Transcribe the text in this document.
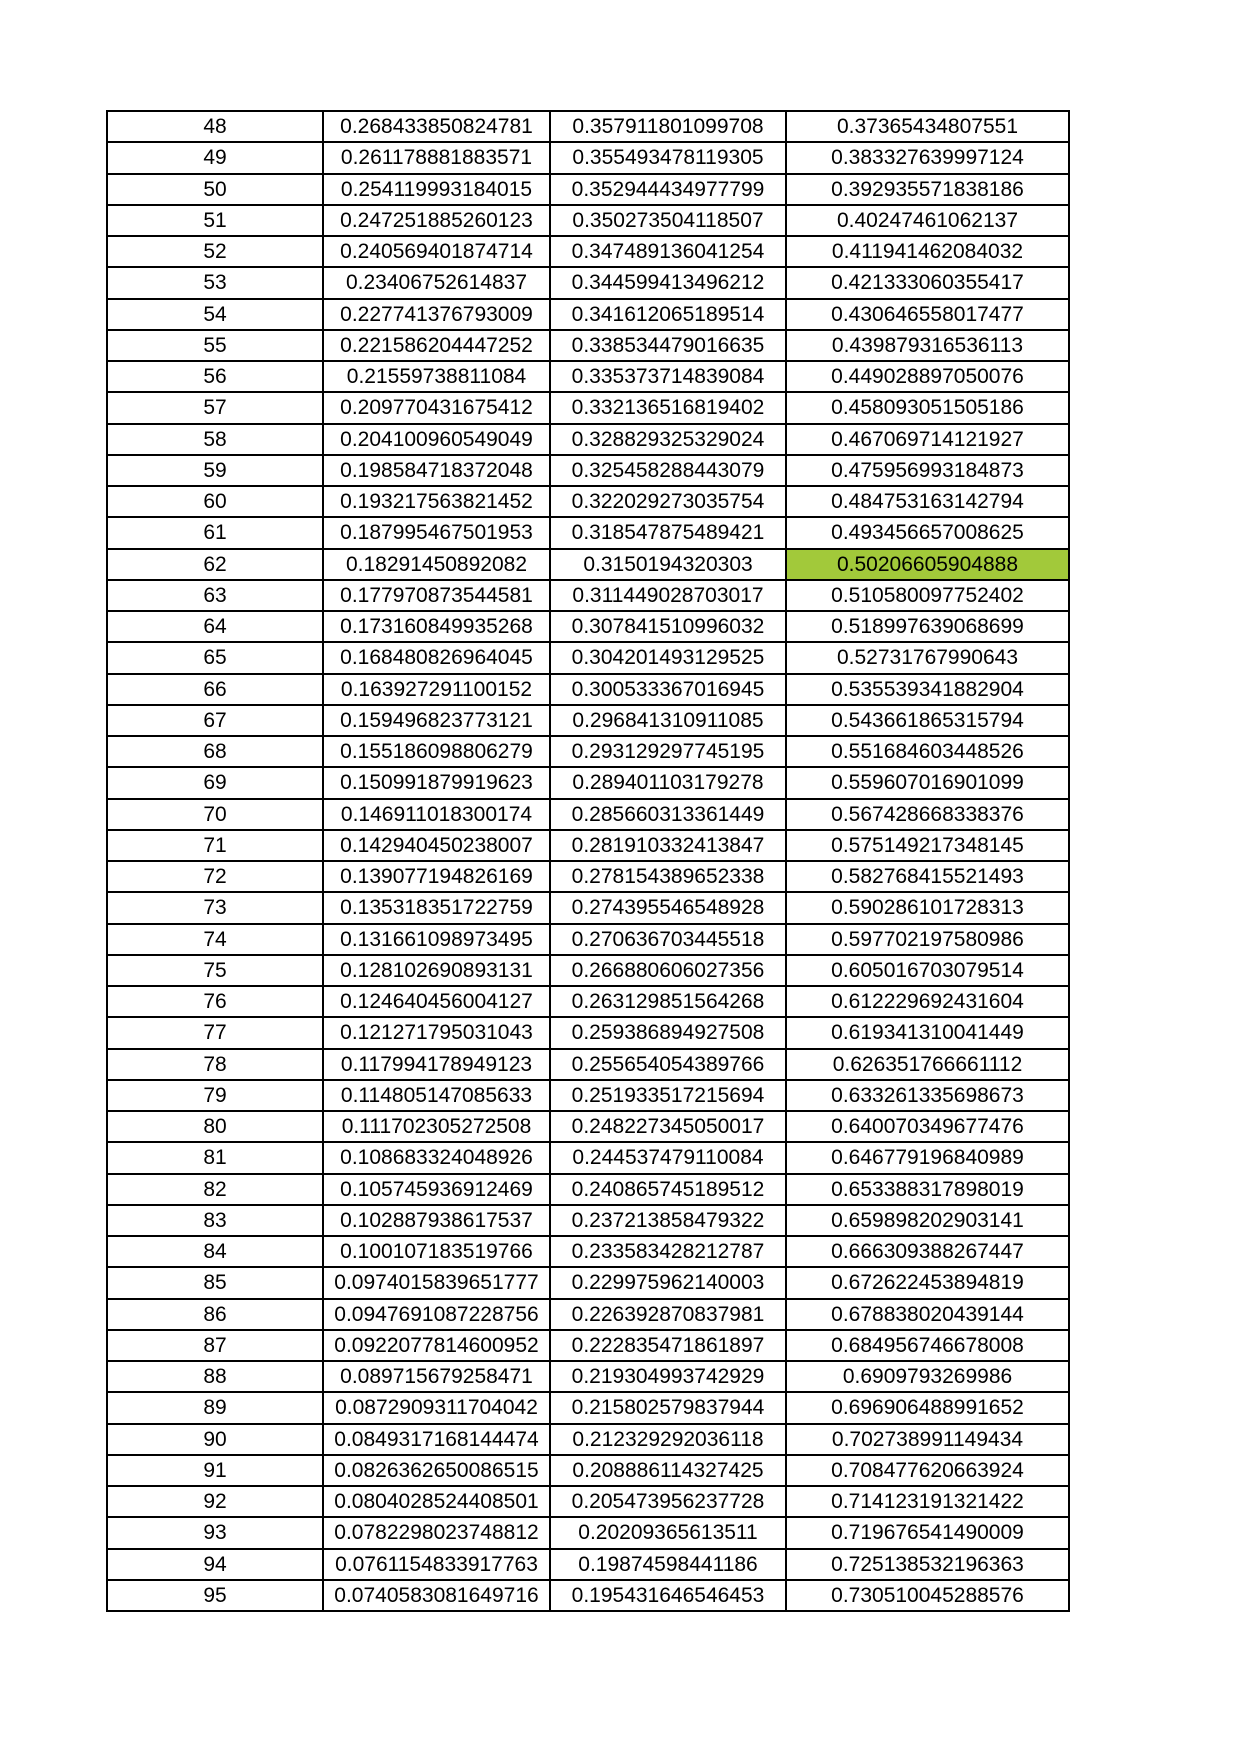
48	0.268433850824781	0.357911801099708	0.37365434807551
49	0.261178881883571	0.355493478119305	0.383327639997124
50	0.254119993184015	0.352944434977799	0.392935571838186
51	0.247251885260123	0.350273504118507	0.40247461062137
52	0.240569401874714	0.347489136041254	0.411941462084032
53	0.23406752614837	0.344599413496212	0.421333060355417
54	0.227741376793009	0.341612065189514	0.430646558017477
55	0.221586204447252	0.338534479016635	0.439879316536113
56	0.21559738811084	0.335373714839084	0.449028897050076
57	0.209770431675412	0.332136516819402	0.458093051505186
58	0.204100960549049	0.328829325329024	0.467069714121927
59	0.198584718372048	0.325458288443079	0.475956993184873
60	0.193217563821452	0.322029273035754	0.484753163142794
61	0.187995467501953	0.318547875489421	0.493456657008625
62	0.18291450892082	0.3150194320303	0.50206605904888
63	0.177970873544581	0.311449028703017	0.510580097752402
64	0.173160849935268	0.307841510996032	0.518997639068699
65	0.168480826964045	0.304201493129525	0.52731767990643
66	0.163927291100152	0.300533367016945	0.535539341882904
67	0.159496823773121	0.296841310911085	0.543661865315794
68	0.155186098806279	0.293129297745195	0.551684603448526
69	0.150991879919623	0.289401103179278	0.559607016901099
70	0.146911018300174	0.285660313361449	0.567428668338376
71	0.142940450238007	0.281910332413847	0.575149217348145
72	0.139077194826169	0.278154389652338	0.582768415521493
73	0.135318351722759	0.274395546548928	0.590286101728313
74	0.131661098973495	0.270636703445518	0.597702197580986
75	0.128102690893131	0.266880606027356	0.605016703079514
76	0.124640456004127	0.263129851564268	0.612229692431604
77	0.121271795031043	0.259386894927508	0.619341310041449
78	0.117994178949123	0.255654054389766	0.626351766661112
79	0.114805147085633	0.251933517215694	0.633261335698673
80	0.111702305272508	0.248227345050017	0.640070349677476
81	0.108683324048926	0.244537479110084	0.646779196840989
82	0.105745936912469	0.240865745189512	0.653388317898019
83	0.102887938617537	0.237213858479322	0.659898202903141
84	0.100107183519766	0.233583428212787	0.666309388267447
85	0.0974015839651777	0.229975962140003	0.672622453894819
86	0.0947691087228756	0.226392870837981	0.678838020439144
87	0.0922077814600952	0.222835471861897	0.684956746678008
88	0.089715679258471	0.219304993742929	0.6909793269986
89	0.0872909311704042	0.215802579837944	0.696906488991652
90	0.0849317168144474	0.212329292036118	0.702738991149434
91	0.0826362650086515	0.208886114327425	0.708477620663924
92	0.0804028524408501	0.205473956237728	0.714123191321422
93	0.0782298023748812	0.20209365613511	0.719676541490009
94	0.0761154833917763	0.19874598441186	0.725138532196363
95	0.0740583081649716	0.195431646546453	0.730510045288576
